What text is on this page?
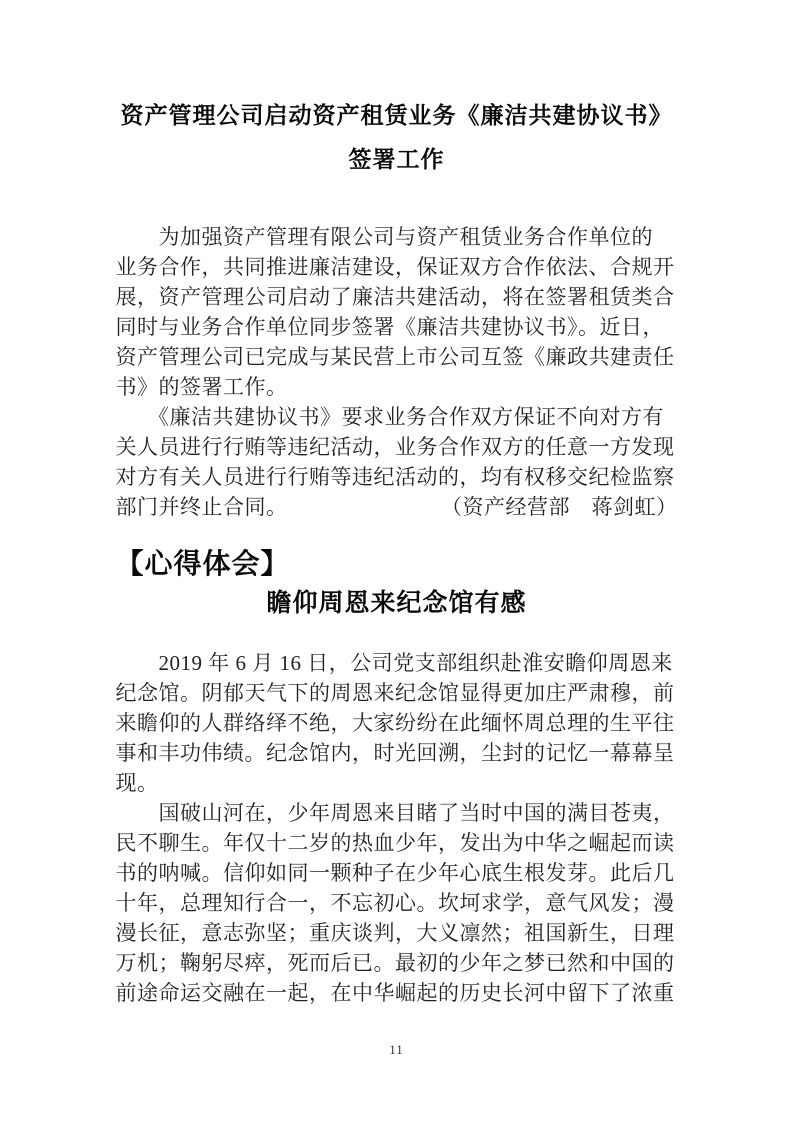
资产管理公司启动资产租赁业务《廉洁共建协议书》
签署工作
　　为加强资产管理有限公司与资产租赁业务合作单位的
业务合作，共同推进廉洁建设，保证双方合作依法、合规开
展，资产管理公司启动了廉洁共建活动，将在签署租赁类合
同时与业务合作单位同步签署《廉洁共建协议书》。近日，
资产管理公司已完成与某民营上市公司互签《廉政共建责任
书》的签署工作。
　　《廉洁共建协议书》要求业务合作双方保证不向对方有
关人员进行行贿等违纪活动，业务合作双方的任意一方发现
对方有关人员进行行贿等违纪活动的，均有权移交纪检监察
部门并终止合同。	（资产经营部　蒋剑虹）
【心得体会】
瞻仰周恩来纪念馆有感
　　2019 年 6 月 16 日，公司党支部组织赴淮安瞻仰周恩来
纪念馆。阴郁天气下的周恩来纪念馆显得更加庄严肃穆，前
来瞻仰的人群络绎不绝，大家纷纷在此缅怀周总理的生平往
事和丰功伟绩。纪念馆内，时光回溯，尘封的记忆一幕幕呈
现。
　　国破山河在，少年周恩来目睹了当时中国的满目苍夷，
民不聊生。年仅十二岁的热血少年，发出为中华之崛起而读
书的呐喊。信仰如同一颗种子在少年心底生根发芽。此后几
十年，总理知行合一，不忘初心。坎坷求学，意气风发；漫
漫长征，意志弥坚；重庆谈判，大义凛然；祖国新生，日理
万机；鞠躬尽瘁，死而后已。最初的少年之梦已然和中国的
前途命运交融在一起，在中华崛起的历史长河中留下了浓重
11
